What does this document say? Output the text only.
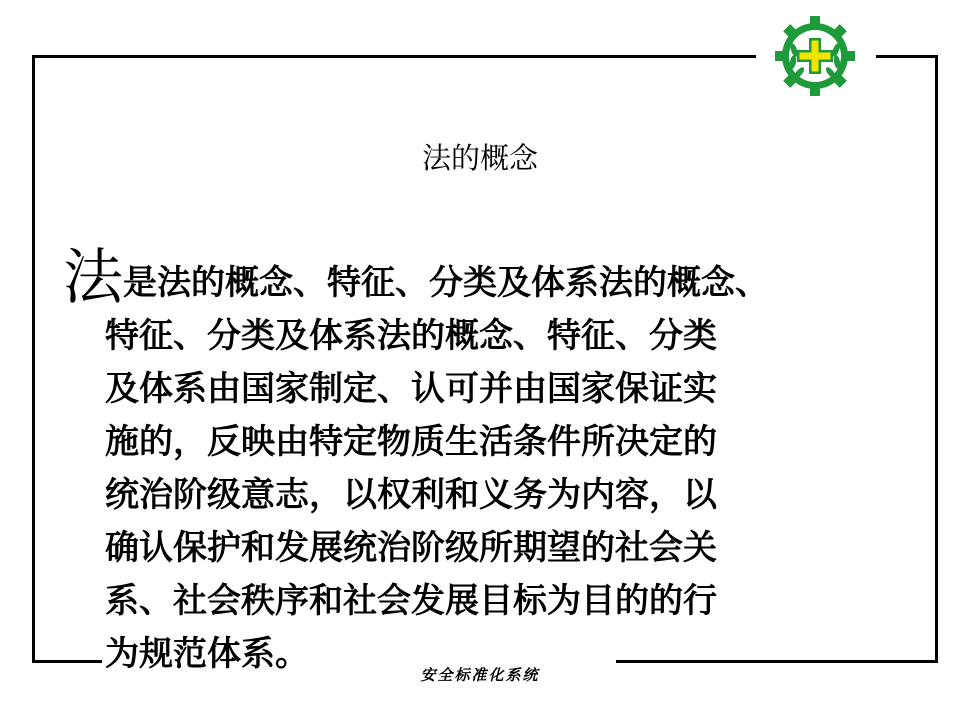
法的概念
法是法的概念、特征、分类及体系法的概念、
特征、分类及体系法的概念、特征、分类
及体系由国家制定、认可并由国家保证实
施的，反映由特定物质生活条件所决定的
统治阶级意志，以权利和义务为内容，以
确认保护和发展统治阶级所期望的社会关
系、社会秩序和社会发展目标为目的的行
为规范体系。
安全标准化系统
